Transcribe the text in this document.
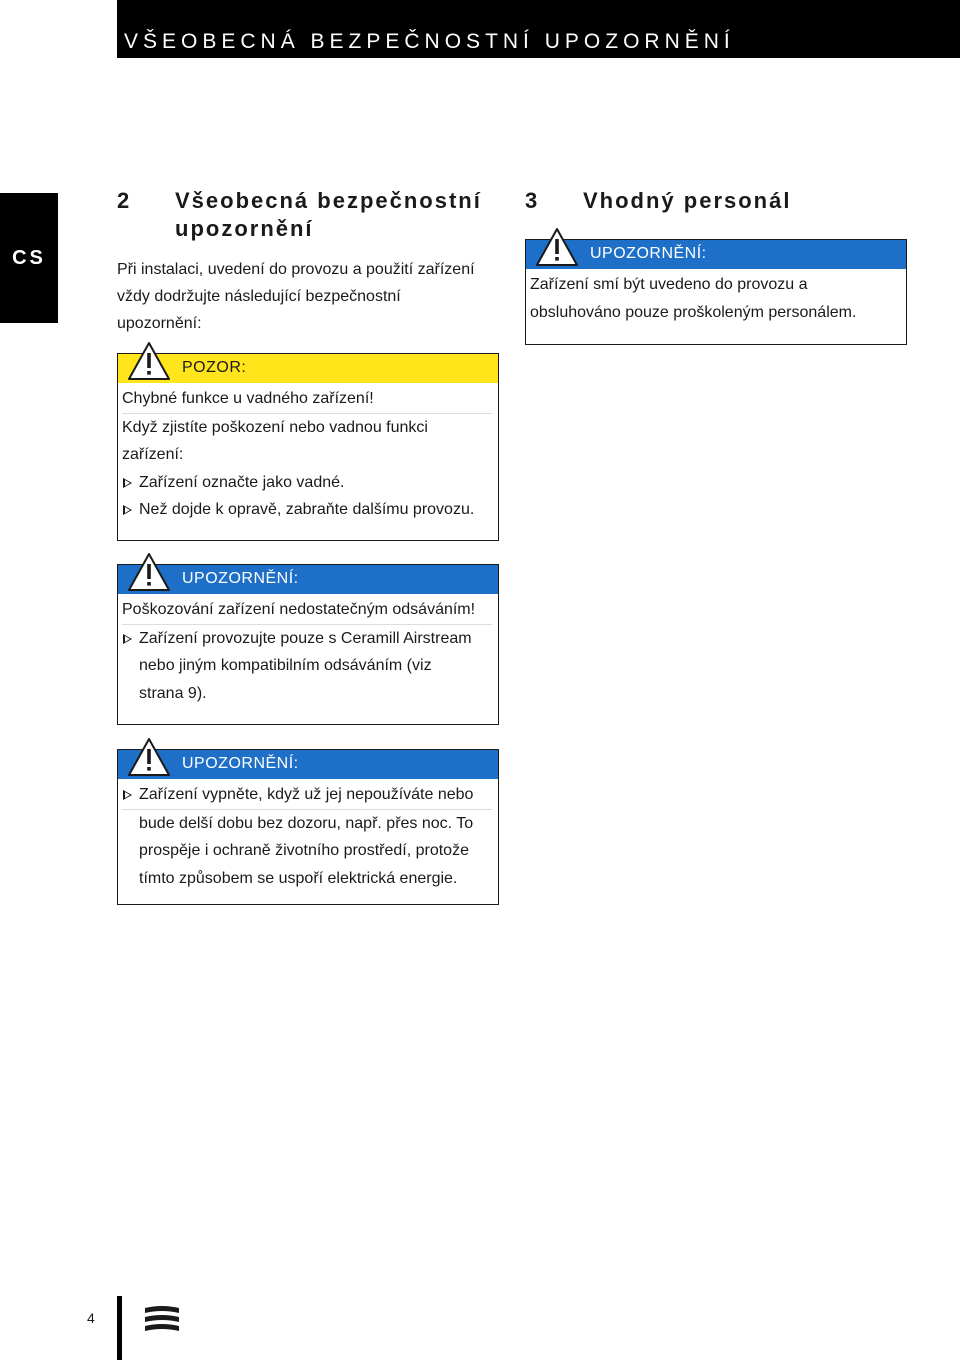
VŠEOBECNÁ BEZPEČNOSTNÍ UPOZORNĚNÍ
CS
2 Všeobecná bezpečnostní
upozornění
Při instalaci, uvedení do provozu a použití zařízení
vždy dodržujte následující bezpečnostní
upozornění:
3 Vhodný personál
UPOZORNĚNÍ:
Zařízení smí být uvedeno do provozu a
obsluhováno pouze proškoleným personálem.
POZOR:
Chybné funkce u vadného zařízení!
Když zjistíte poškození nebo vadnou funkci
zařízení:
Zařízení označte jako vadné.
Než dojde k opravě, zabraňte dalšímu provozu.
UPOZORNĚNÍ:
Poškozování zařízení nedostatečným odsáváním!
Zařízení provozujte pouze s Ceramill Airstream
nebo jiným kompatibilním odsáváním (viz
strana 9).
UPOZORNĚNÍ:
Zařízení vypněte, když už jej nepoužíváte nebo
bude delší dobu bez dozoru, např. přes noc. To
prospěje i ochraně životního prostředí, protože
tímto způsobem se uspoří elektrická energie.
4
